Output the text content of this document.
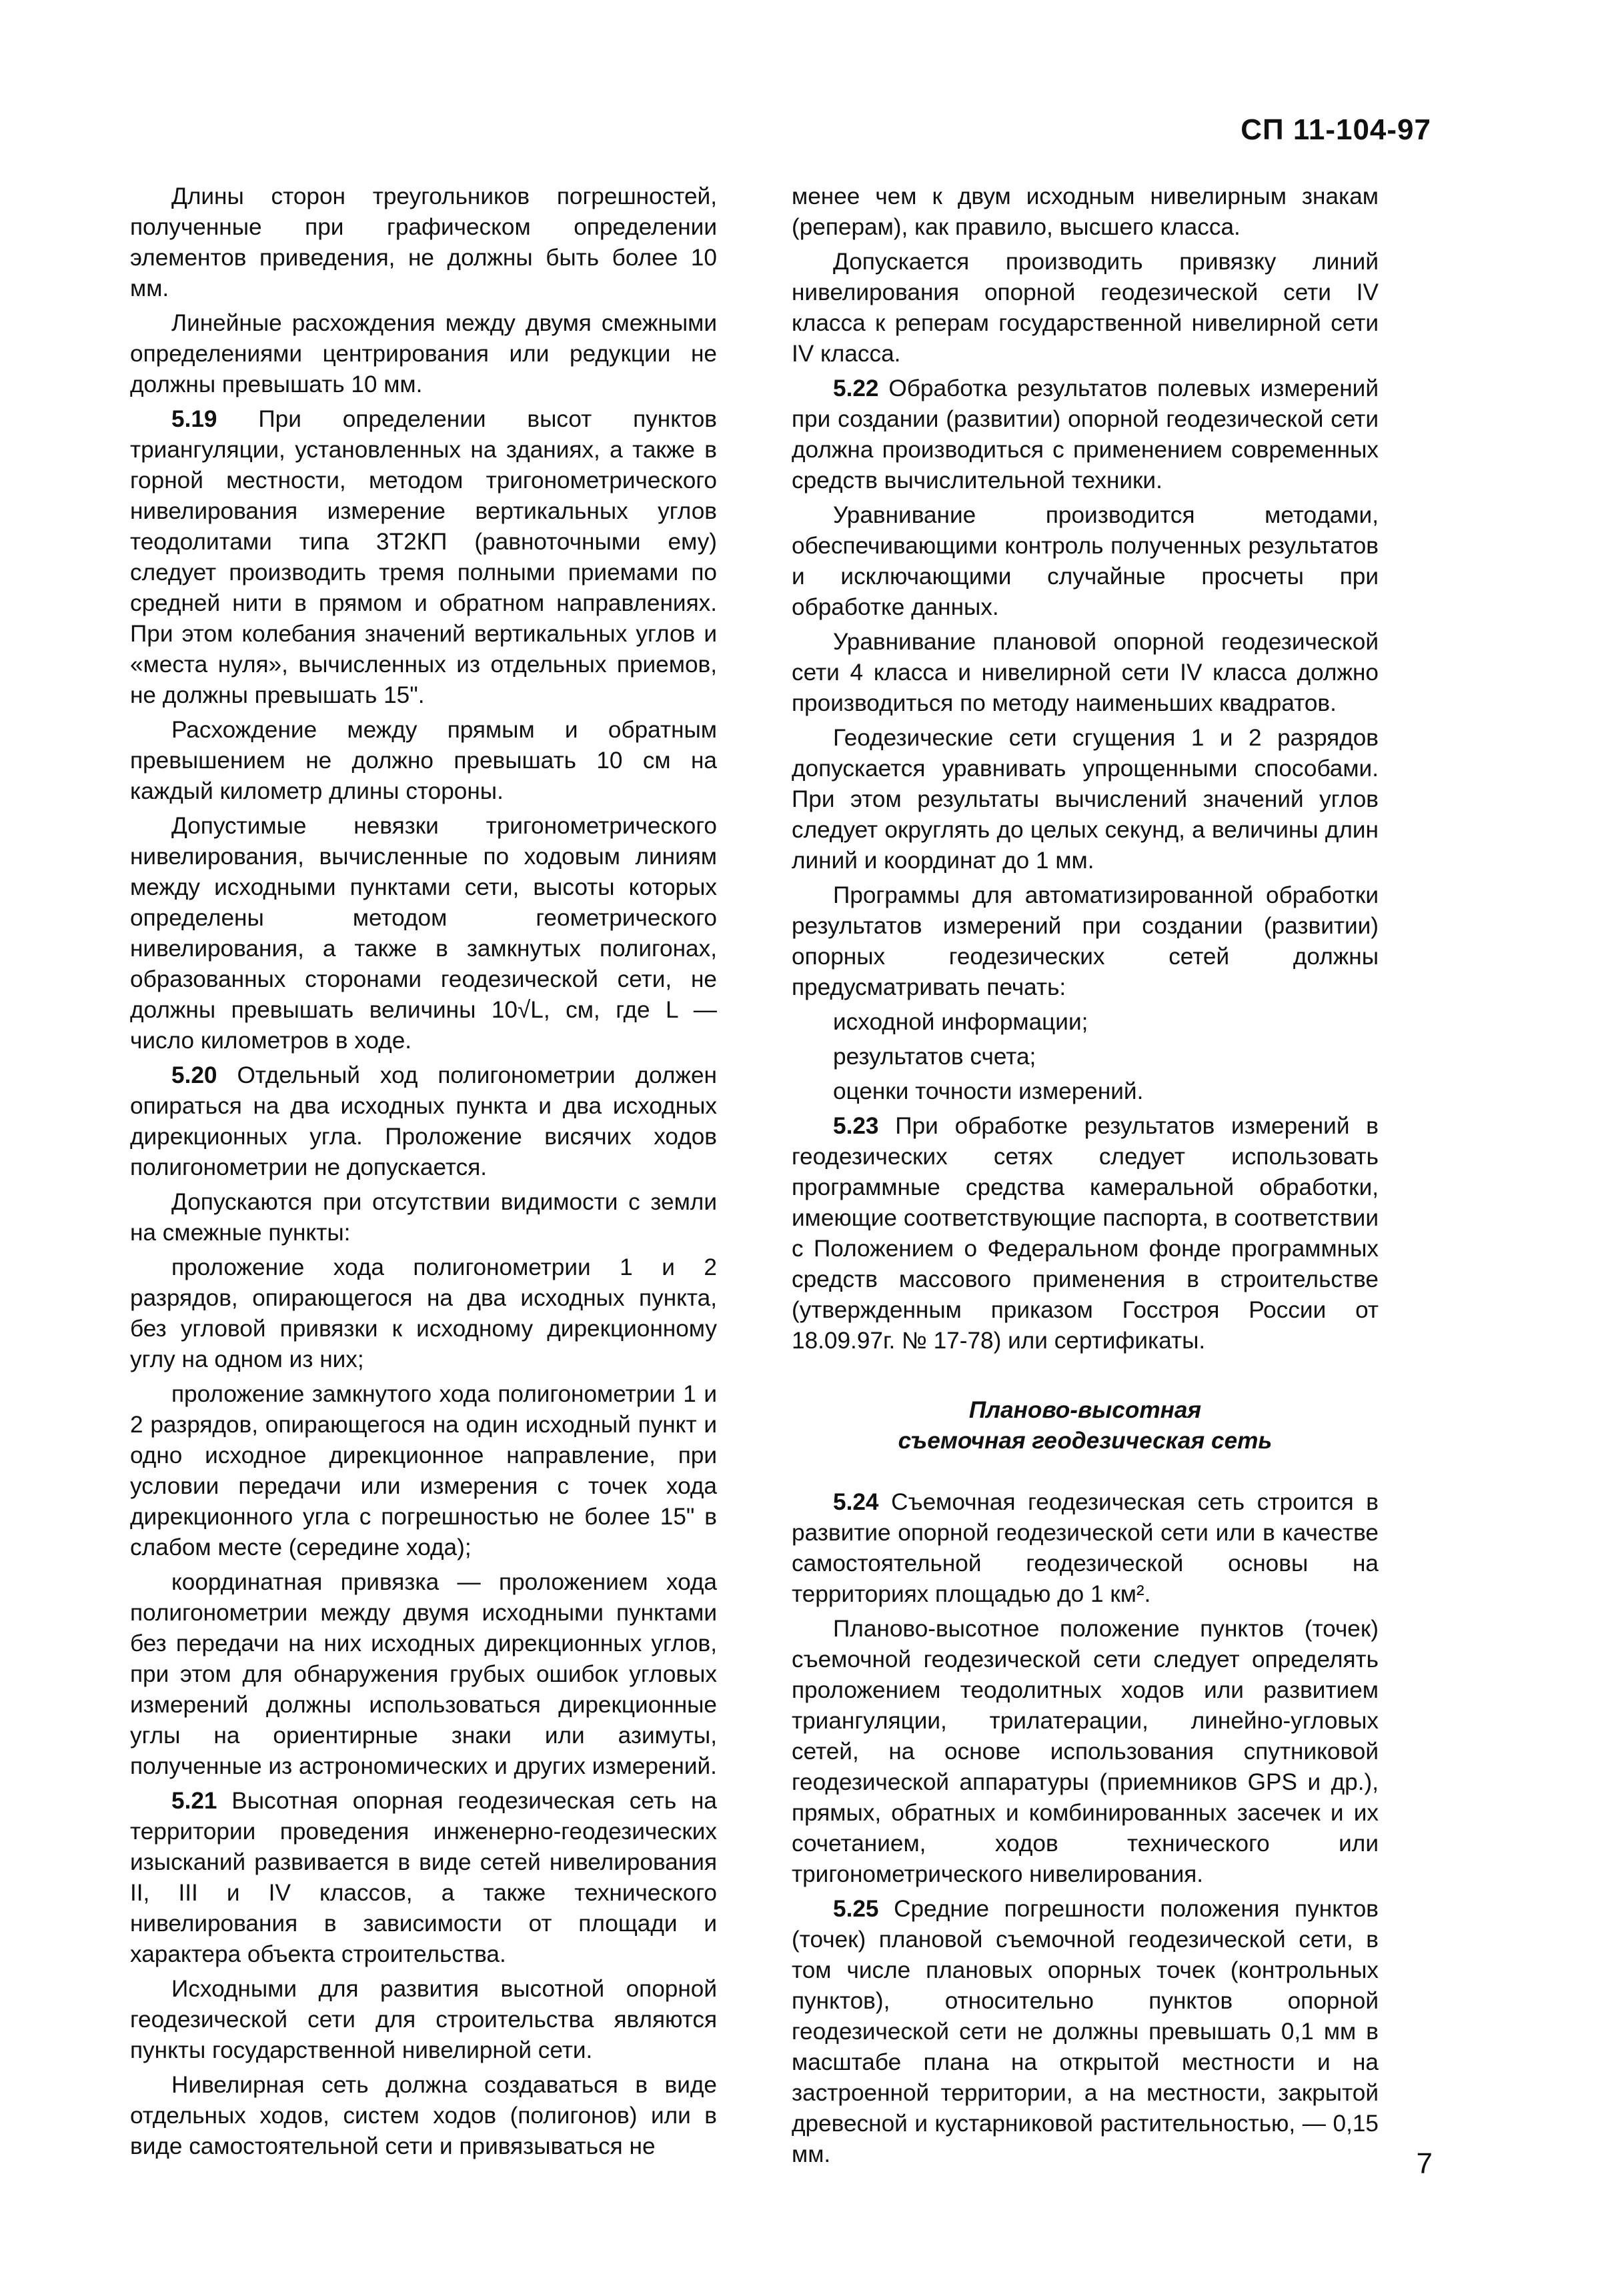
СП 11-104-97

Длины сторон треугольников погрешностей, полученные при графическом определении элементов приведения, не должны быть более 10 мм.

Линейные расхождения между двумя смежными определениями центрирования или редукции не должны превышать 10 мм.

5.19 При определении высот пунктов триангуляции, установленных на зданиях, а также в горной местности, методом тригонометрического нивелирования измерение вертикальных углов теодолитами типа 3Т2КП (равноточными ему) следует производить тремя полными приемами по средней нити в прямом и обратном направлениях. При этом колебания значений вертикальных углов и «места нуля», вычисленных из отдельных приемов, не должны превышать 15".

Расхождение между прямым и обратным превышением не должно превышать 10 см на каждый километр длины стороны.

Допустимые невязки тригонометрического нивелирования, вычисленные по ходовым линиям между исходными пунктами сети, высоты которых определены методом геометрического нивелирования, а также в замкнутых полигонах, образованных сторонами геодезической сети, не должны превышать величины 10√L, см, где L — число километров в ходе.

5.20 Отдельный ход полигонометрии должен опираться на два исходных пункта и два исходных дирекционных угла. Проложение висячих ходов полигонометрии не допускается.

Допускаются при отсутствии видимости с земли на смежные пункты:

проложение хода полигонометрии 1 и 2 разрядов, опирающегося на два исходных пункта, без угловой привязки к исходному дирекционному углу на одном из них;

проложение замкнутого хода полигонометрии 1 и 2 разрядов, опирающегося на один исходный пункт и одно исходное дирекционное направление, при условии передачи или измерения с точек хода дирекционного угла с погрешностью не более 15" в слабом месте (середине хода);

координатная привязка — проложением хода полигонометрии между двумя исходными пунктами без передачи на них исходных дирекционных углов, при этом для обнаружения грубых ошибок угловых измерений должны использоваться дирекционные углы на ориентирные знаки или азимуты, полученные из астрономических и других измерений.

5.21 Высотная опорная геодезическая сеть на территории проведения инженерно-геодезических изысканий развивается в виде сетей нивелирования II, III и IV классов, а также технического нивелирования в зависимости от площади и характера объекта строительства.

Исходными для развития высотной опорной геодезической сети для строительства являются пункты государственной нивелирной сети.

Нивелирная сеть должна создаваться в виде отдельных ходов, систем ходов (полигонов) или в виде самостоятельной сети и привязываться не

менее чем к двум исходным нивелирным знакам (реперам), как правило, высшего класса.

Допускается производить привязку линий нивелирования опорной геодезической сети IV класса к реперам государственной нивелирной сети IV класса.

5.22 Обработка результатов полевых измерений при создании (развитии) опорной геодезической сети должна производиться с применением современных средств вычислительной техники.

Уравнивание производится методами, обеспечивающими контроль полученных результатов и исключающими случайные просчеты при обработке данных.

Уравнивание плановой опорной геодезической сети 4 класса и нивелирной сети IV класса должно производиться по методу наименьших квадратов.

Геодезические сети сгущения 1 и 2 разрядов допускается уравнивать упрощенными способами. При этом результаты вычислений значений углов следует округлять до целых секунд, а величины длин линий и координат до 1 мм.

Программы для автоматизированной обработки результатов измерений при создании (развитии) опорных геодезических сетей должны предусматривать печать:

исходной информации;

результатов счета;

оценки точности измерений.

5.23 При обработке результатов измерений в геодезических сетях следует использовать программные средства камеральной обработки, имеющие соответствующие паспорта, в соответствии с Положением о Федеральном фонде программных средств массового применения в строительстве (утвержденным приказом Госстроя России от 18.09.97г. № 17-78) или сертификаты.

Планово-высотная
съемочная геодезическая сеть

5.24 Съемочная геодезическая сеть строится в развитие опорной геодезической сети или в качестве самостоятельной геодезической основы на территориях площадью до 1 км².

Планово-высотное положение пунктов (точек) съемочной геодезической сети следует определять проложением теодолитных ходов или развитием триангуляции, трилатерации, линейно-угловых сетей, на основе использования спутниковой геодезической аппаратуры (приемников GPS и др.), прямых, обратных и комбинированных засечек и их сочетанием, ходов технического или тригонометрического нивелирования.

5.25 Средние погрешности положения пунктов (точек) плановой съемочной геодезической сети, в том числе плановых опорных точек (контрольных пунктов), относительно пунктов опорной геодезической сети не должны превышать 0,1 мм в масштабе плана на открытой местности и на застроенной территории, а на местности, закрытой древесной и кустарниковой растительностью, — 0,15 мм.	7
